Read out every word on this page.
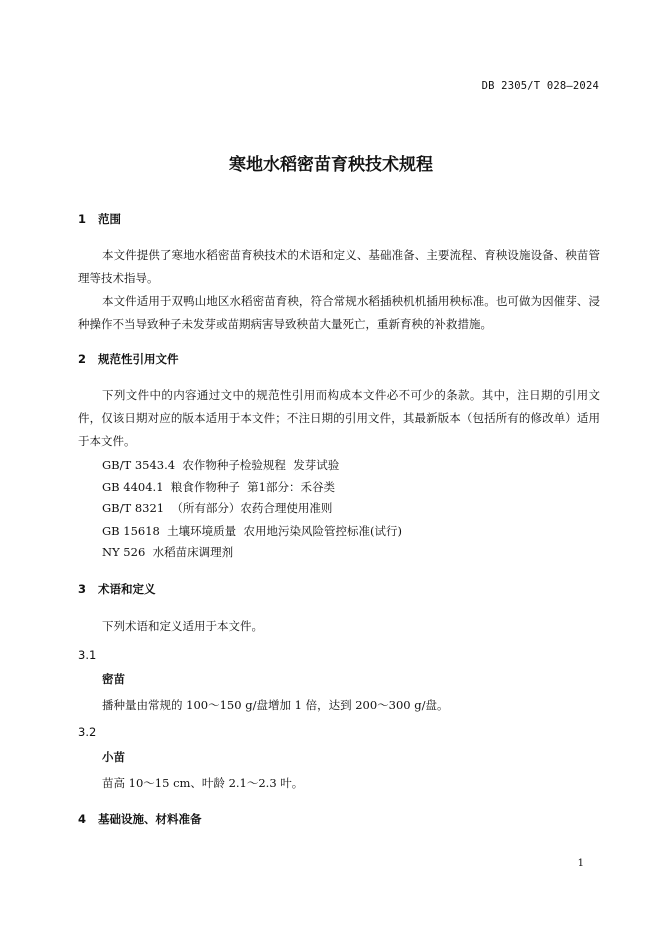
DB 2305/T 028—2024
寒地水稻密苗育秧技术规程
1 范围
本文件提供了寒地水稻密苗育秧技术的术语和定义、基础准备、主要流程、育秧设施设备、秧苗管理等技术指导。
本文件适用于双鸭山地区水稻密苗育秧，符合常规水稻插秧机机插用秧标准。也可做为因催芽、浸种操作不当导致种子未发芽或苗期病害导致秧苗大量死亡，重新育秧的补救措施。
2 规范性引用文件
下列文件中的内容通过文中的规范性引用而构成本文件必不可少的条款。其中，注日期的引用文件，仅该日期对应的版本适用于本文件；不注日期的引用文件，其最新版本（包括所有的修改单）适用于本文件。
GB/T 3543.4  农作物种子检验规程  发芽试验
GB 4404.1  粮食作物种子  第1部分：禾谷类
GB/T 8321  （所有部分）农药合理使用准则
GB 15618  土壤环境质量  农用地污染风险管控标准(试行)
NY 526  水稻苗床调理剂
3 术语和定义
下列术语和定义适用于本文件。
3.1
密苗
播种量由常规的 100～150 g/盘增加 1 倍，达到 200～300 g/盘。
3.2
小苗
苗高 10～15 cm、叶龄 2.1～2.3 叶。
4 基础设施、材料准备
1
